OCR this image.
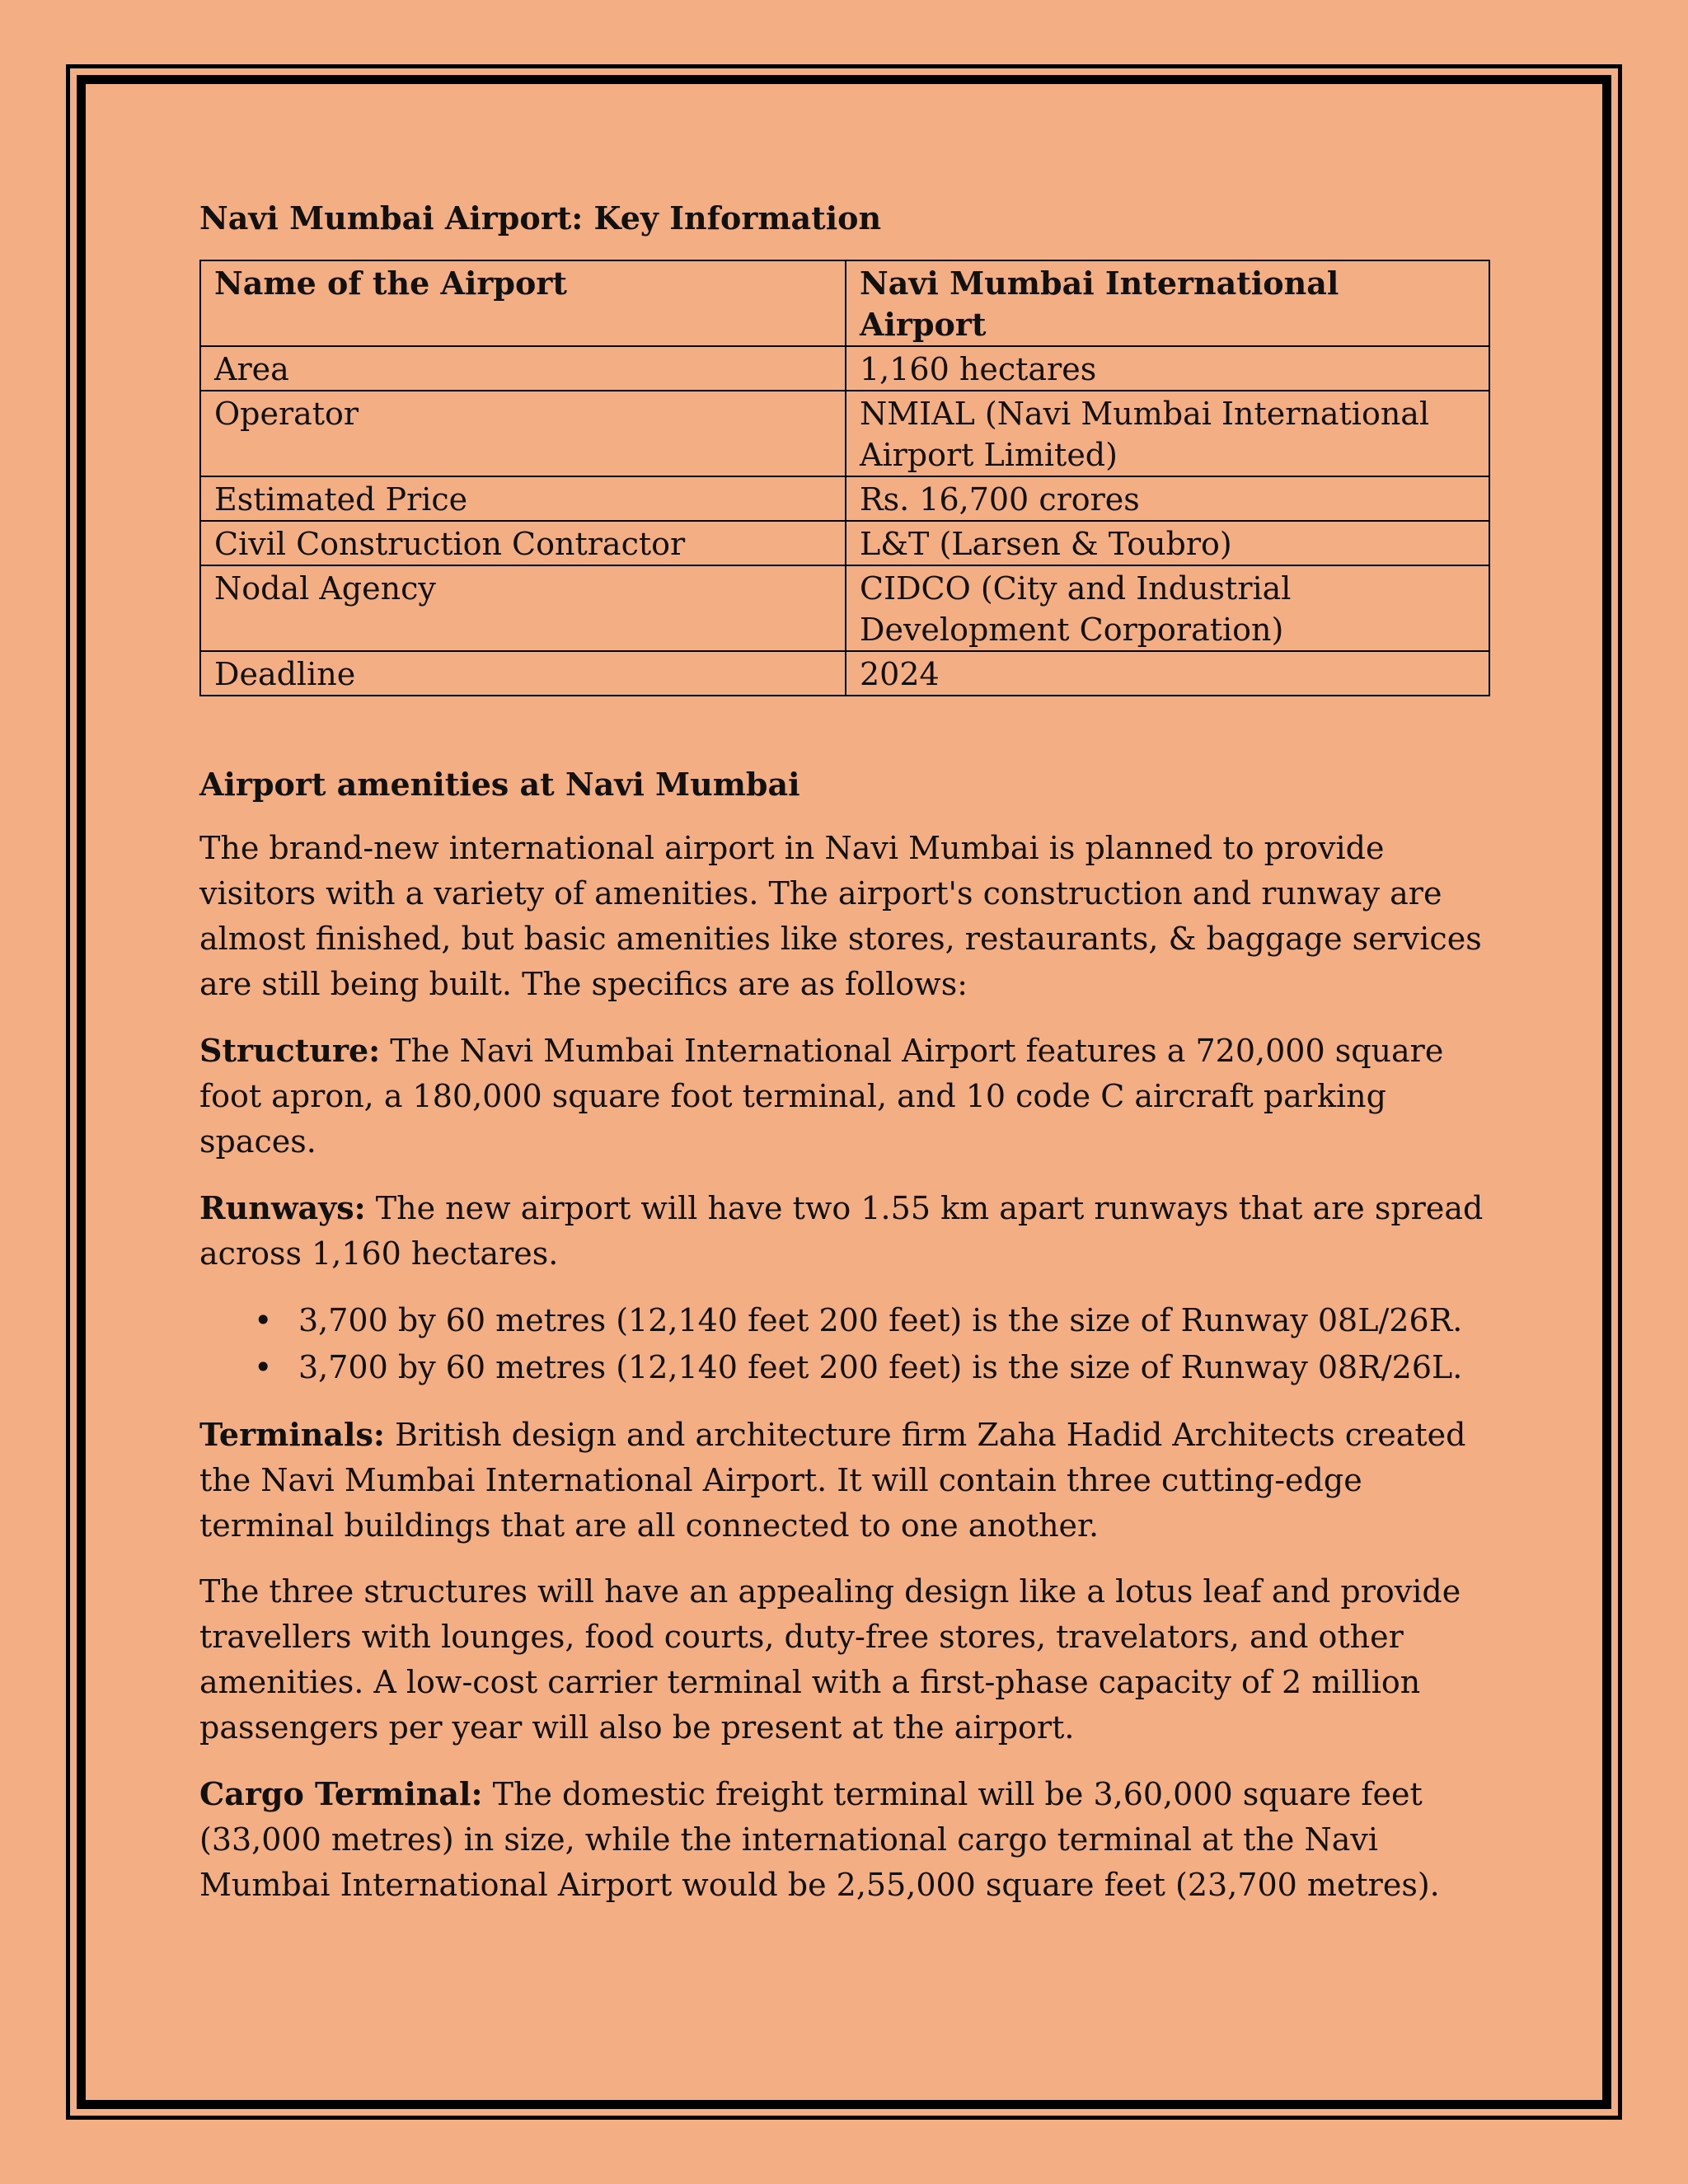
Navi Mumbai Airport: Key Information
Name of the Airport	Navi Mumbai International Airport
Area	1,160 hectares
Operator	NMIAL (Navi Mumbai International Airport Limited)
Estimated Price	Rs. 16,700 crores
Civil Construction Contractor	L&T (Larsen & Toubro)
Nodal Agency	CIDCO (City and Industrial Development Corporation)
Deadline	2024
Airport amenities at Navi Mumbai

The brand-new international airport in Navi Mumbai is planned to provide visitors with a variety of amenities. The airport's construction and runway are almost finished, but basic amenities like stores, restaurants, & baggage services are still being built. The specifics are as follows:

Structure: The Navi Mumbai International Airport features a 720,000 square foot apron, a 180,000 square foot terminal, and 10 code C aircraft parking spaces.

Runways: The new airport will have two 1.55 km apart runways that are spread across 1,160 hectares.

• 3,700 by 60 metres (12,140 feet 200 feet) is the size of Runway 08L/26R.
• 3,700 by 60 metres (12,140 feet 200 feet) is the size of Runway 08R/26L.

Terminals: British design and architecture firm Zaha Hadid Architects created the Navi Mumbai International Airport. It will contain three cutting-edge terminal buildings that are all connected to one another.

The three structures will have an appealing design like a lotus leaf and provide travellers with lounges, food courts, duty-free stores, travelators, and other amenities. A low-cost carrier terminal with a first-phase capacity of 2 million passengers per year will also be present at the airport.

Cargo Terminal: The domestic freight terminal will be 3,60,000 square feet (33,000 metres) in size, while the international cargo terminal at the Navi Mumbai International Airport would be 2,55,000 square feet (23,700 metres).
